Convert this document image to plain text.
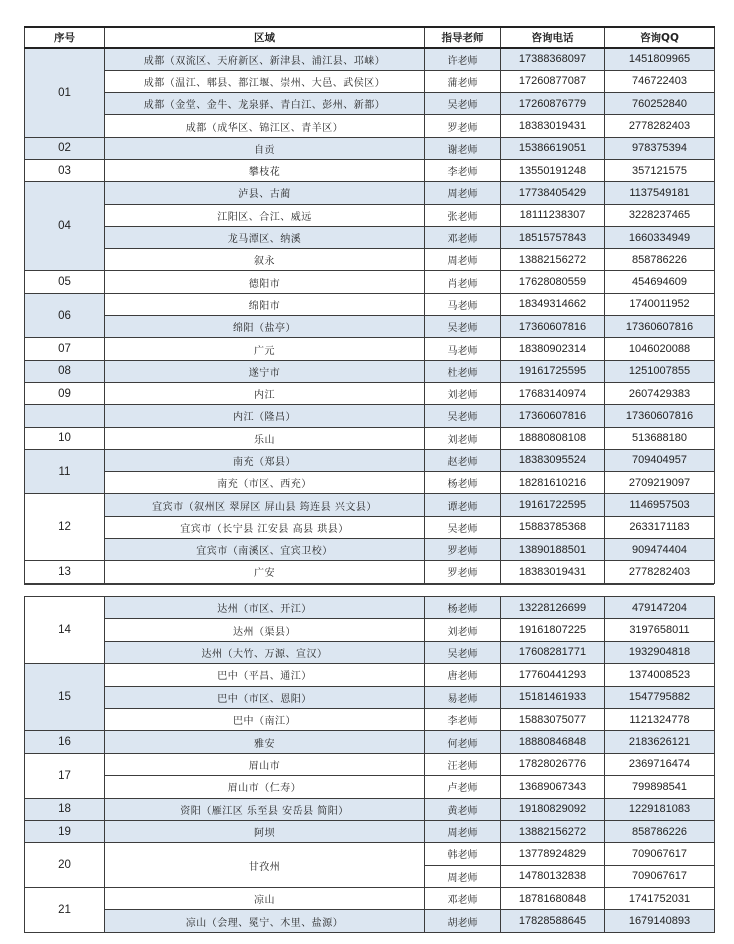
序号	区域	指导老师	咨询电话	咨询QQ
01	成都（双流区、天府新区、新津县、浦江县、邛崃）	许老师	17388368097	1451809965
	成都（温江、郫县、都江堰、崇州、大邑、武侯区）	蒲老师	17260877087	746722403
	成都（金堂、金牛、龙泉驿、青白江、彭州、新都）	吴老师	17260876779	760252840
	成都（成华区、锦江区、青羊区）	罗老师	18383019431	2778282403
02	自贡	谢老师	15386619051	978375394
03	攀枝花	李老师	13550191248	357121575
04	泸县、古蔺	周老师	17738405429	1137549181
	江阳区、合江、威远	张老师	18111238307	3228237465
	龙马潭区、纳溪	邓老师	18515757843	1660334949
	叙永	周老师	13882156272	858786226
05	德阳市	肖老师	17628080559	454694609
06	绵阳市	马老师	18349314662	1740011952
	绵阳（盐亭）	吴老师	17360607816	17360607816
07	广元	马老师	18380902314	1046020088
08	遂宁市	杜老师	19161725595	1251007855
09	内江	刘老师	17683140974	2607429383
	内江（隆昌）	吴老师	17360607816	17360607816
10	乐山	刘老师	18880808108	513688180
11	南充（郑县）	赵老师	18383095524	709404957
	南充（市区、西充）	杨老师	18281610216	2709219097
12	宜宾市（叙州区 翠屏区 屏山县 筠连县 兴文县）	谭老师	19161722595	1146957503
	宜宾市（长宁县 江安县 高县 珙县）	吴老师	15883785368	2633171183
	宜宾市（南溪区、宜宾卫校）	罗老师	13890188501	909474404
13	广安	罗老师	18383019431	2778282403
14	达州（市区、开江）	杨老师	13228126699	479147204
	达州（渠县）	刘老师	19161807225	3197658011
	达州（大竹、万源、宣汉）	吴老师	17608281771	1932904818
15	巴中（平昌、通江）	唐老师	17760441293	1374008523
	巴中（市区、恩阳）	易老师	15181461933	1547795882
	巴中（南江）	李老师	15883075077	1121324778
16	雅安	何老师	18880846848	2183626121
17	眉山市	汪老师	17828026776	2369716474
	眉山市（仁寿）	卢老师	13689067343	799898541
18	资阳（雁江区 乐至县 安岳县 简阳）	黄老师	19180829092	1229181083
19	阿坝	周老师	13882156272	858786226
20	甘孜州	韩老师	13778924829	709067617
		周老师	14780132838	709067617
21	凉山	邓老师	18781680848	1741752031
	凉山（会理、冕宁、木里、盐源）	胡老师	17828588645	1679140893
